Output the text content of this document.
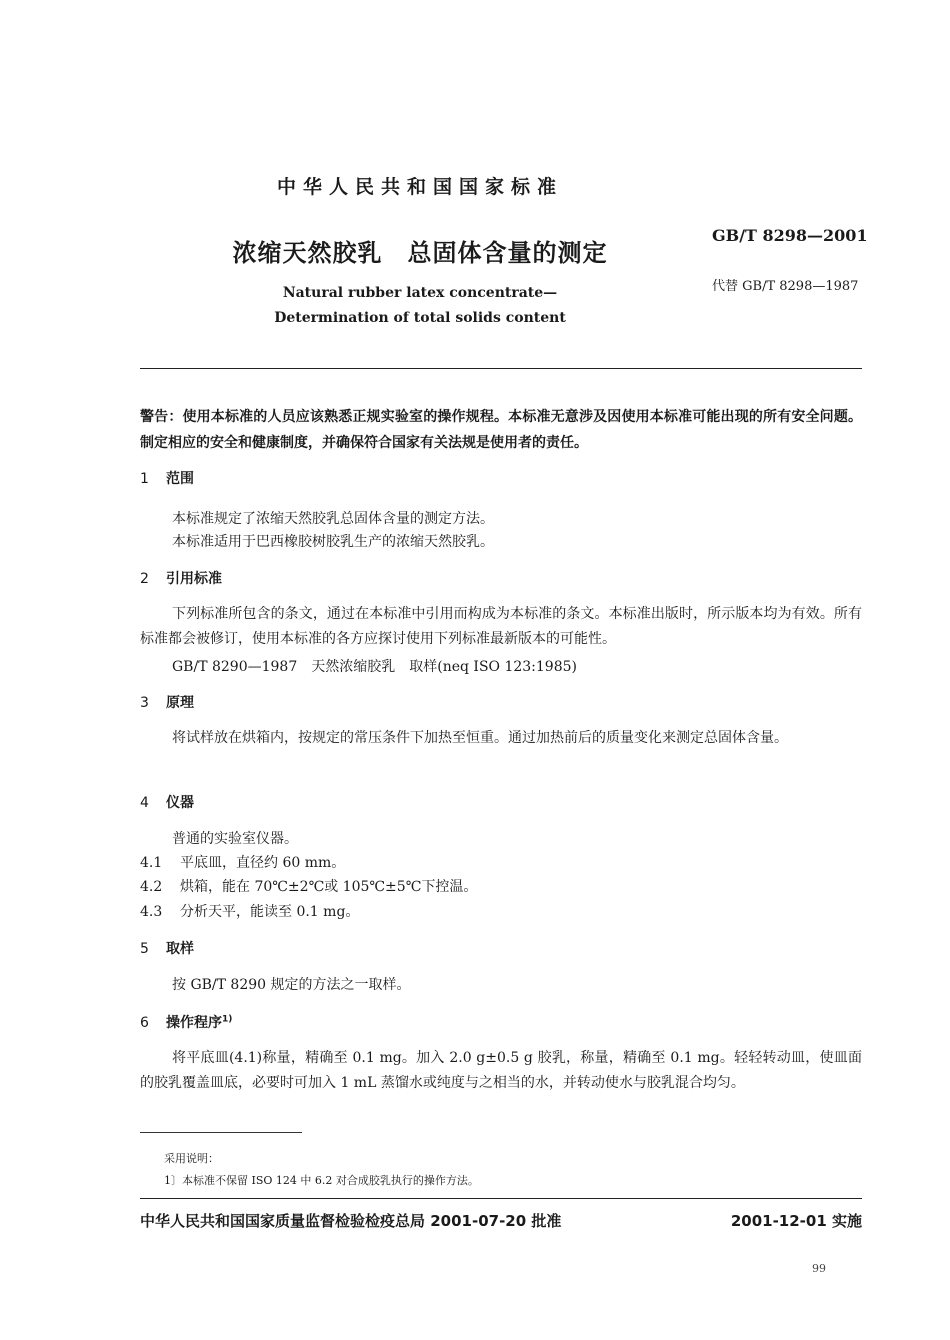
中华人民共和国国家标准
浓缩天然胶乳　总固体含量的测定
GB/T 8298—2001
代替 GB/T 8298—1987
Natural rubber latex concentrate—
Determination of total solids content
警告：使用本标准的人员应该熟悉正规实验室的操作规程。本标准无意涉及因使用本标准可能出现的所有安全问题。制定相应的安全和健康制度，并确保符合国家有关法规是使用者的责任。
1 范围
本标准规定了浓缩天然胶乳总固体含量的测定方法。
本标准适用于巴西橡胶树胶乳生产的浓缩天然胶乳。
2 引用标准
下列标准所包含的条文，通过在本标准中引用而构成为本标准的条文。本标准出版时，所示版本均为有效。所有标准都会被修订，使用本标准的各方应探讨使用下列标准最新版本的可能性。
GB/T 8290—1987　天然浓缩胶乳　取样(neq ISO 123:1985)
3 原理
将试样放在烘箱内，按规定的常压条件下加热至恒重。通过加热前后的质量变化来测定总固体含量。
4 仪器
普通的实验室仪器。
4.1 平底皿，直径约 60 mm。
4.2 烘箱，能在 70℃±2℃或 105℃±5℃下控温。
4.3 分析天平，能读至 0.1 mg。
5 取样
按 GB/T 8290 规定的方法之一取样。
6 操作程序$^{1)}$
将平底皿(4.1)称量，精确至 0.1 mg。加入 2.0 g±0.5 g 胶乳，称量，精确至 0.1 mg。轻轻转动皿，使皿面的胶乳覆盖皿底，必要时可加入 1 mL 蒸馏水或纯度与之相当的水，并转动使水与胶乳混合均匀。
采用说明：
1〕本标准不保留 ISO 124 中 6.2 对合成胶乳执行的操作方法。
中华人民共和国国家质量监督检验检疫总局 2001-07-20 批准	2001-12-01 实施
99
